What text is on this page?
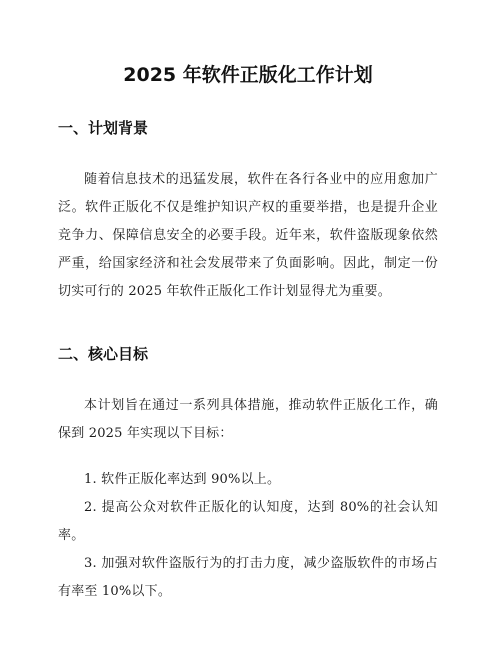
2025 年软件正版化工作计划
一、计划背景

随着信息技术的迅猛发展，软件在各行各业中的应用愈加广泛。软件正版化不仅是维护知识产权的重要举措，也是提升企业竞争力、保障信息安全的必要手段。近年来，软件盗版现象依然严重，给国家经济和社会发展带来了负面影响。因此，制定一份切实可行的 2025 年软件正版化工作计划显得尤为重要。

二、核心目标

本计划旨在通过一系列具体措施，推动软件正版化工作，确保到 2025 年实现以下目标：

1. 软件正版化率达到 90%以上。
2. 提高公众对软件正版化的认知度，达到 80%的社会认知率。
3. 加强对软件盗版行为的打击力度，减少盗版软件的市场占有率至 10%以下。
